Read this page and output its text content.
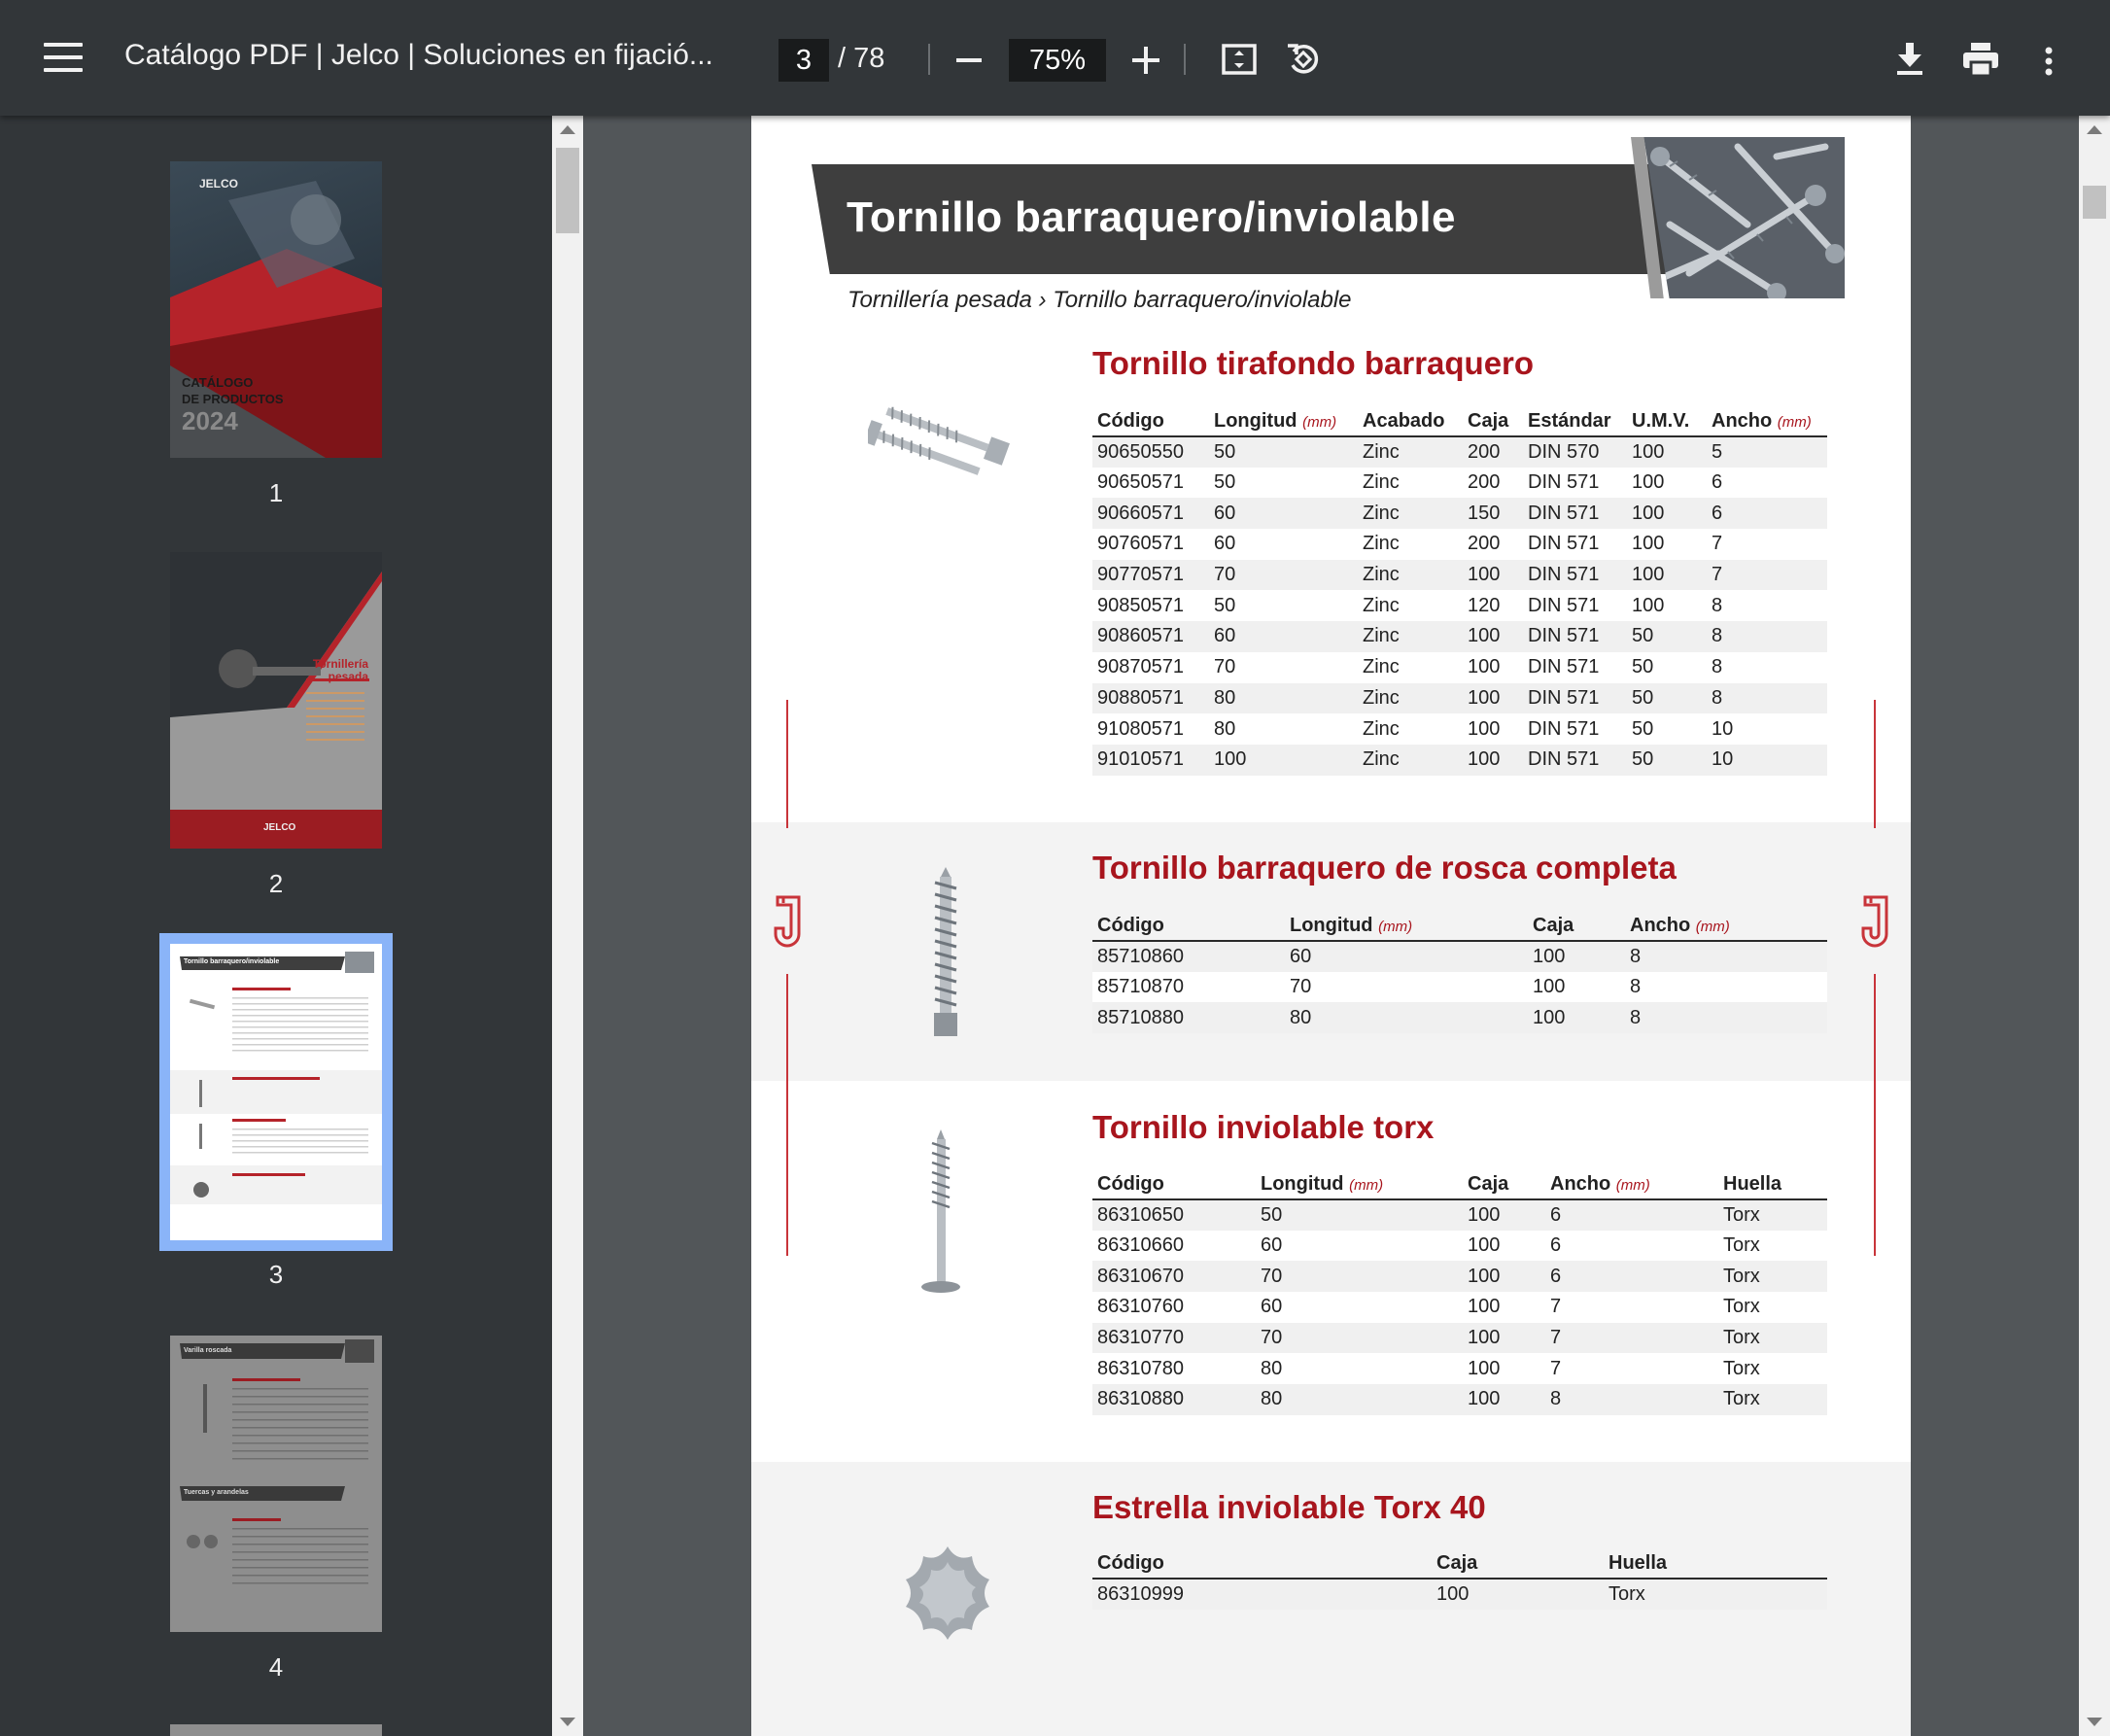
Catálogo PDF | Jelco | Soluciones en fijació...	3 / 78	75%
JELCO
CATÁLOGO
DE PRODUCTOS
2024
1
Tornillería
pesada
JELCO
2
Tornillo barraquero/inviolable
3
Varilla roscada
Tuercas y arandelas
4
Tornillo barraquero/inviolable
Tornillería pesada › Tornillo barraquero/inviolable
Tornillo tirafondo barraquero
Código	Longitud (mm)	Acabado	Caja	Estándar	U.M.V.	Ancho (mm)
90650550	50	Zinc	200	DIN 570	100	5
90650571	50	Zinc	200	DIN 571	100	6
90660571	60	Zinc	150	DIN 571	100	6
90760571	60	Zinc	200	DIN 571	100	7
90770571	70	Zinc	100	DIN 571	100	7
90850571	50	Zinc	120	DIN 571	100	8
90860571	60	Zinc	100	DIN 571	50	8
90870571	70	Zinc	100	DIN 571	50	8
90880571	80	Zinc	100	DIN 571	50	8
91080571	80	Zinc	100	DIN 571	50	10
91010571	100	Zinc	100	DIN 571	50	10
Tornillo barraquero de rosca completa
Código	Longitud (mm)	Caja	Ancho (mm)
85710860	60	100	8
85710870	70	100	8
85710880	80	100	8
Tornillo inviolable torx
Código	Longitud (mm)	Caja	Ancho (mm)	Huella
86310650	50	100	6	Torx
86310660	60	100	6	Torx
86310670	70	100	6	Torx
86310760	60	100	7	Torx
86310770	70	100	7	Torx
86310780	80	100	7	Torx
86310880	80	100	8	Torx
Estrella inviolable Torx 40
Código	Caja	Huella
86310999	100	Torx
